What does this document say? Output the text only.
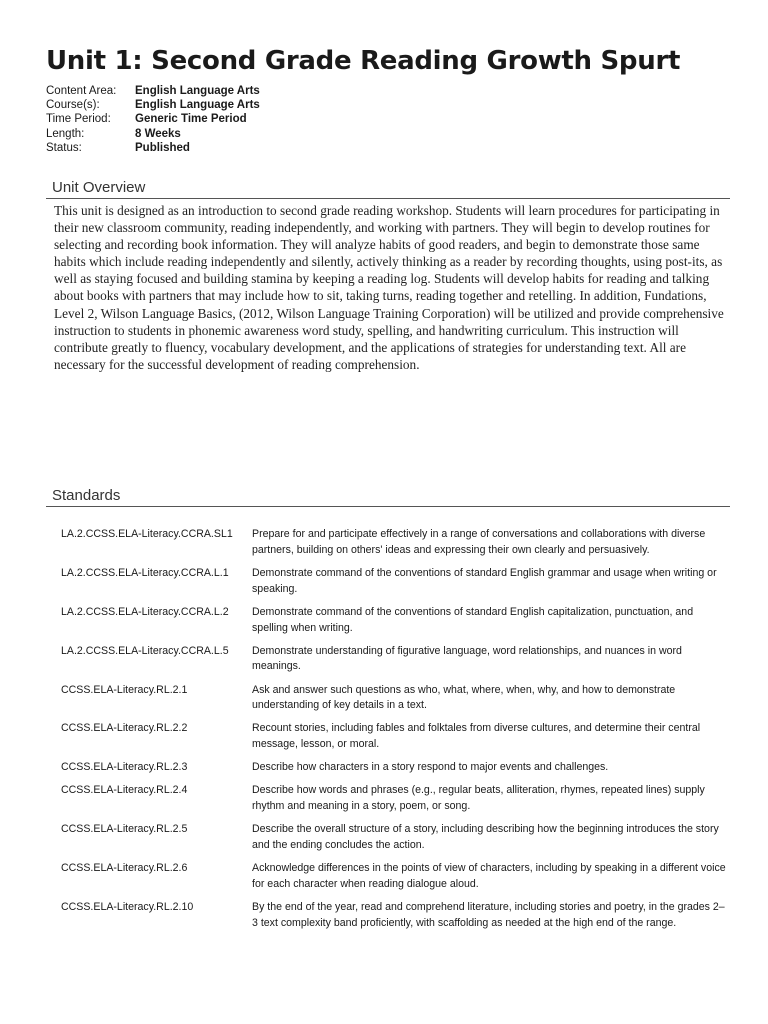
Unit 1: Second Grade Reading Growth Spurt
Content Area:	English Language Arts
Course(s):	English Language Arts
Time Period:	Generic Time Period
Length:	8 Weeks
Status:	Published
Unit Overview

This unit is designed as an introduction to second grade reading workshop. Students will learn procedures for participating in their new classroom community, reading independently, and working with partners. They will begin to develop routines for selecting and recording book information. They will analyze habits of good readers, and begin to demonstrate those same habits which include reading independently and silently, actively thinking as a reader by recording thoughts, using post-its, as well as staying focused and building stamina by keeping a reading log. Students will develop habits for reading and talking about books with partners that may include how to sit, taking turns, reading together and retelling. In addition, Fundations, Level 2, Wilson Language Basics, (2012, Wilson Language Training Corporation) will be utilized and provide comprehensive instruction to students in phonemic awareness word study, spelling, and handwriting curriculum. This instruction will contribute greatly to fluency, vocabulary development, and the applications of strategies for understanding text. All are necessary for the successful development of reading comprehension.

Standards
LA.2.CCSS.ELA-Literacy.CCRA.SL1	Prepare for and participate effectively in a range of conversations and collaborations with diverse partners, building on others' ideas and expressing their own clearly and persuasively.
LA.2.CCSS.ELA-Literacy.CCRA.L.1	Demonstrate command of the conventions of standard English grammar and usage when writing or speaking.
LA.2.CCSS.ELA-Literacy.CCRA.L.2	Demonstrate command of the conventions of standard English capitalization, punctuation, and spelling when writing.
LA.2.CCSS.ELA-Literacy.CCRA.L.5	Demonstrate understanding of figurative language, word relationships, and nuances in word meanings.
CCSS.ELA-Literacy.RL.2.1	Ask and answer such questions as who, what, where, when, why, and how to demonstrate understanding of key details in a text.
CCSS.ELA-Literacy.RL.2.2	Recount stories, including fables and folktales from diverse cultures, and determine their central message, lesson, or moral.
CCSS.ELA-Literacy.RL.2.3	Describe how characters in a story respond to major events and challenges.
CCSS.ELA-Literacy.RL.2.4	Describe how words and phrases (e.g., regular beats, alliteration, rhymes, repeated lines) supply rhythm and meaning in a story, poem, or song.
CCSS.ELA-Literacy.RL.2.5	Describe the overall structure of a story, including describing how the beginning introduces the story and the ending concludes the action.
CCSS.ELA-Literacy.RL.2.6	Acknowledge differences in the points of view of characters, including by speaking in a different voice for each character when reading dialogue aloud.
CCSS.ELA-Literacy.RL.2.10	By the end of the year, read and comprehend literature, including stories and poetry, in the grades 2–3 text complexity band proficiently, with scaffolding as needed at the high end of the range.
